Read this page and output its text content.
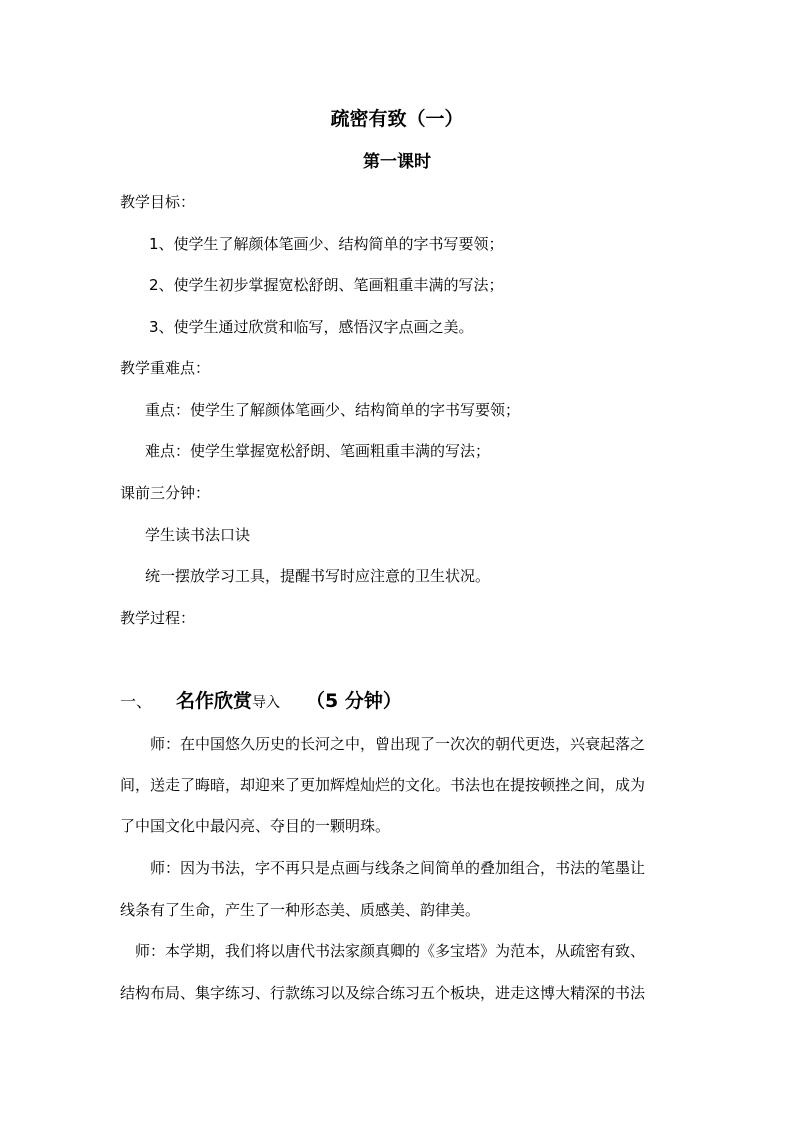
疏密有致（一）
第一课时
教学目标：
1、使学生了解颜体笔画少、结构简单的字书写要领；
2、使学生初步掌握宽松舒朗、笔画粗重丰满的写法；
3、使学生通过欣赏和临写，感悟汉字点画之美。
教学重难点：
重点：使学生了解颜体笔画少、结构简单的字书写要领；
难点：使学生掌握宽松舒朗、笔画粗重丰满的写法；
课前三分钟：
学生读书法口诀
统一摆放学习工具，提醒书写时应注意的卫生状况。
教学过程：
一、 名作欣赏导入 （5 分钟）
　　师：在中国悠久历史的长河之中，曾出现了一次次的朝代更迭，兴衰起落之
间，送走了晦暗，却迎来了更加辉煌灿烂的文化。书法也在提按顿挫之间，成为
了中国文化中最闪亮、夺目的一颗明珠。
　　师：因为书法，字不再只是点画与线条之间简单的叠加组合，书法的笔墨让
线条有了生命，产生了一种形态美、质感美、韵律美。
　师：本学期，我们将以唐代书法家颜真卿的《多宝塔》为范本，从疏密有致、
结构布局、集字练习、行款练习以及综合练习五个板块，进走这博大精深的书法
